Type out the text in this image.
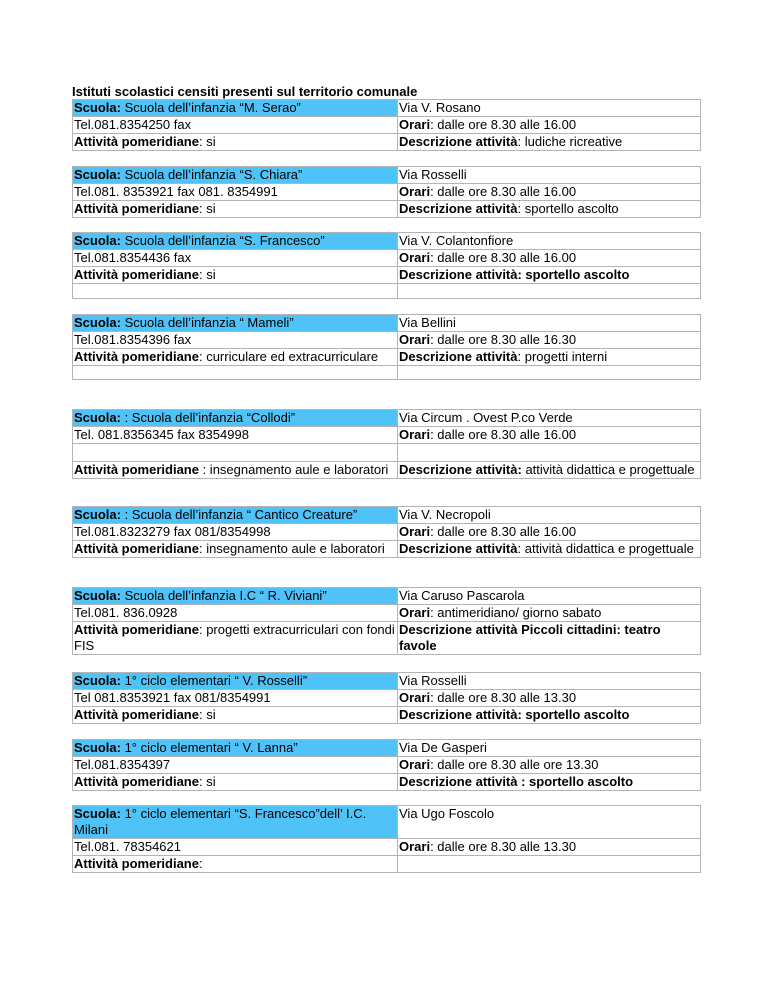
Istituti scolastici censiti presenti sul territorio comunale

Scuola: Scuola dell’infanzia “M. Serao”	Via V. Rosano
Tel.081.8354250 fax	Orari: dalle ore 8.30 alle 16.00
Attività pomeridiane: si	Descrizione attività: ludiche ricreative
Scuola: Scuola dell’infanzia “S. Chiara”	Via Rosselli
Tel.081. 8353921 fax 081. 8354991	Orari: dalle ore 8.30 alle 16.00
Attività pomeridiane: si	Descrizione attività: sportello ascolto
Scuola: Scuola dell’infanzia “S. Francesco”	Via V. Colantonfiore
Tel.081.8354436 fax	Orari: dalle ore 8.30 alle 16.00
Attività pomeridiane: si	Descrizione attività: sportello ascolto

Scuola: Scuola dell’infanzia “ Mameli”	Via Bellini
Tel.081.8354396 fax	Orari: dalle ore 8.30 alle 16.30
Attività pomeridiane: curriculare ed extracurriculare	Descrizione attività: progetti interni

Scuola: : Scuola dell’infanzia “Collodi”	Via Circum . Ovest P.co Verde
Tel. 081.8356345 fax 8354998	Orari: dalle ore 8.30 alle 16.00

Attività pomeridiane : insegnamento aule e laboratori	Descrizione attività: attività didattica e progettuale
Scuola: : Scuola dell’infanzia “ Cantico Creature”	Via V. Necropoli
Tel.081.8323279 fax 081/8354998	Orari: dalle ore 8.30 alle 16.00
Attività pomeridiane: insegnamento aule e laboratori	Descrizione attività: attività didattica e progettuale
Scuola: Scuola dell’infanzia I.C “ R. Viviani”	Via Caruso Pascarola
Tel.081. 836.0928	Orari: antimeridiano/ giorno sabato
Attività pomeridiane: progetti extracurriculari con fondi FIS	Descrizione attività Piccoli cittadini: teatro favole
Scuola: 1° ciclo elementari “ V. Rosselli”	Via Rosselli
Tel 081.8353921 fax 081/8354991	Orari: dalle ore 8.30 alle 13.30
Attività pomeridiane: si	Descrizione attività: sportello ascolto
Scuola: 1° ciclo elementari “ V. Lanna”	Via De Gasperi
Tel.081.8354397	Orari: dalle ore 8.30 alle ore 13.30
Attività pomeridiane: si	Descrizione attività : sportello ascolto
Scuola: 1° ciclo elementari “S. Francesco”dell’ I.C. Milani	Via Ugo Foscolo
Tel.081. 78354621	Orari: dalle ore 8.30 alle 13.30
Attività pomeridiane:	
